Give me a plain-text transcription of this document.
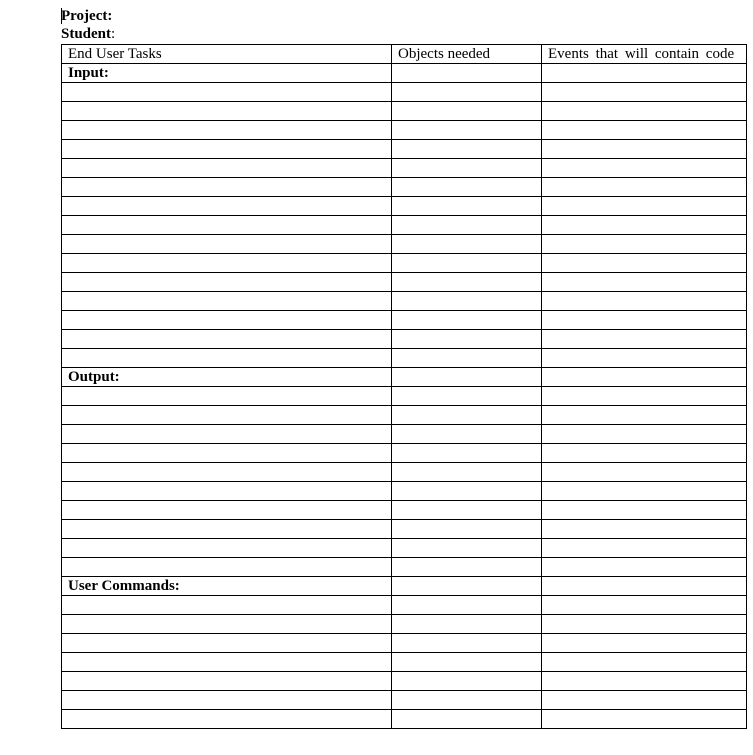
Project:
Student:
End User Tasks	Objects needed	Events that will contain code
Input:		

Output:		

User Commands:		
